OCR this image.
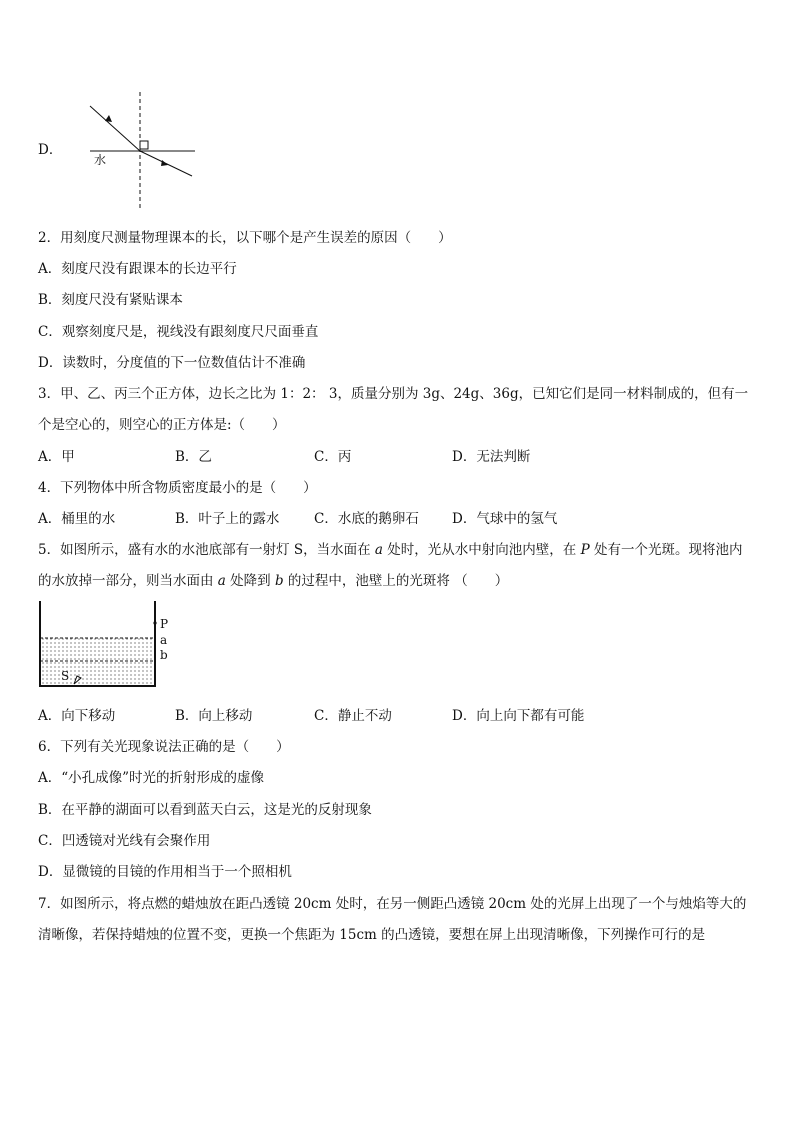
D．
水
2．用刻度尺测量物理课本的长，以下哪个是产生误差的原因（　　）
A．刻度尺没有跟课本的长边平行
B．刻度尺没有紧贴课本
C．观察刻度尺是，视线没有跟刻度尺尺面垂直
D．读数时，分度值的下一位数值估计不准确
3．甲、乙、丙三个正方体，边长之比为 1：2： 3，质量分别为 3g、24g、36g，已知它们是同一材料制成的，但有一
个是空心的，则空心的正方体是:（　　）
A．甲	B．乙	C．丙	D．无法判断
4．下列物体中所含物质密度最小的是（　　）
A．桶里的水	B．叶子上的露水	C．水底的鹅卵石 D．气球中的氢气
5．如图所示，盛有水的水池底部有一射灯 S，当水面在 a 处时，光从水中射向池内壁，在 P 处有一个光斑。现将池内
的水放掉一部分，则当水面由 a 处降到 b 的过程中，池壁上的光斑将 （　　）
P
a
b
S
A．向下移动	B．向上移动	C．静止不动	D．向上向下都有可能
6．下列有关光现象说法正确的是（　　）
A．“小孔成像”时光的折射形成的虚像
B．在平静的湖面可以看到蓝天白云，这是光的反射现象
C．凹透镜对光线有会聚作用
D．显微镜的目镜的作用相当于一个照相机
7．如图所示，将点燃的蜡烛放在距凸透镜 20cm 处时，在另一侧距凸透镜 20cm 处的光屏上出现了一个与烛焰等大的
清晰像，若保持蜡烛的位置不变，更换一个焦距为 15cm 的凸透镜，要想在屏上出现清晰像，下列操作可行的是
